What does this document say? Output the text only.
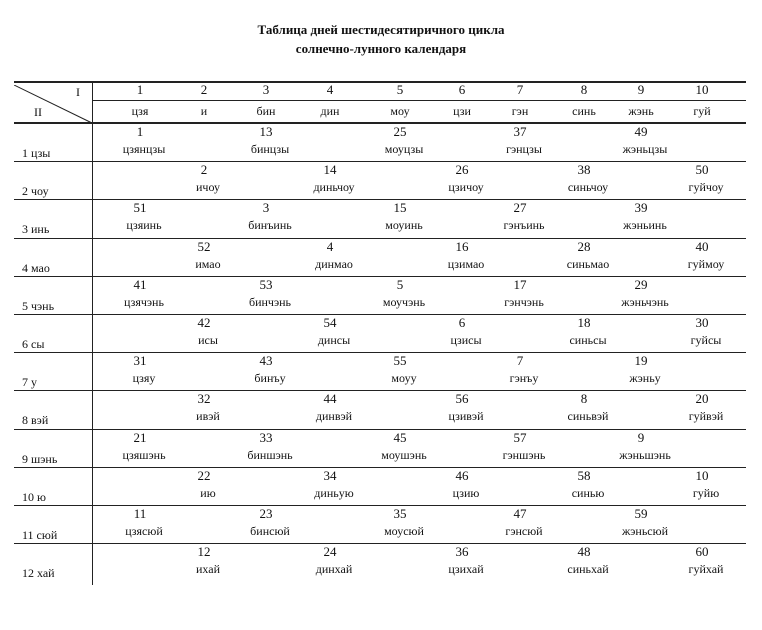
Таблица дней шестидесятиричного цикла
солнечно-лунного календаря
I
II
1
цзя
2
и
3
бин
4
дин
5
моу
6
цзи
7
гэн
8
синь
9
жэнь
10
гуй
1 цзы
1
цзянцзы
13
бинцзы
25
моуцзы
37
гэнцзы
49
жэньцзы
2 чоу
2
ичоу
14
диньчоу
26
цзичоу
38
синьчоу
50
гуйчоу
3 инь
51
цзяинь
3
бинъинь
15
моуинь
27
гэнъинь
39
жэньинь
4 мао
52
имао
4
динмао
16
цзимао
28
синьмао
40
гуймоу
5 чэнь
41
цзячэнь
53
бинчэнь
5
моучэнь
17
гэнчэнь
29
жэньчэнь
6 сы
42
исы
54
динсы
6
цзисы
18
синьсы
30
гуйсы
7 у
31
цзяу
43
бинъу
55
моуу
7
гэнъу
19
жэньу
8 вэй
32
ивэй
44
динвэй
56
цзивэй
8
синьвэй
20
гуйвэй
9 шэнь
21
цзяшэнь
33
биншэнь
45
моушэнь
57
гэншэнь
9
жэньшэнь
10 ю
22
ию
34
диньую
46
цзию
58
синью
10
гуйю
11 сюй
11
цзясюй
23
бинсюй
35
моусюй
47
гэнсюй
59
жэньсюй
12 хай
12
ихай
24
динхай
36
цзихай
48
синьхай
60
гуйхай
